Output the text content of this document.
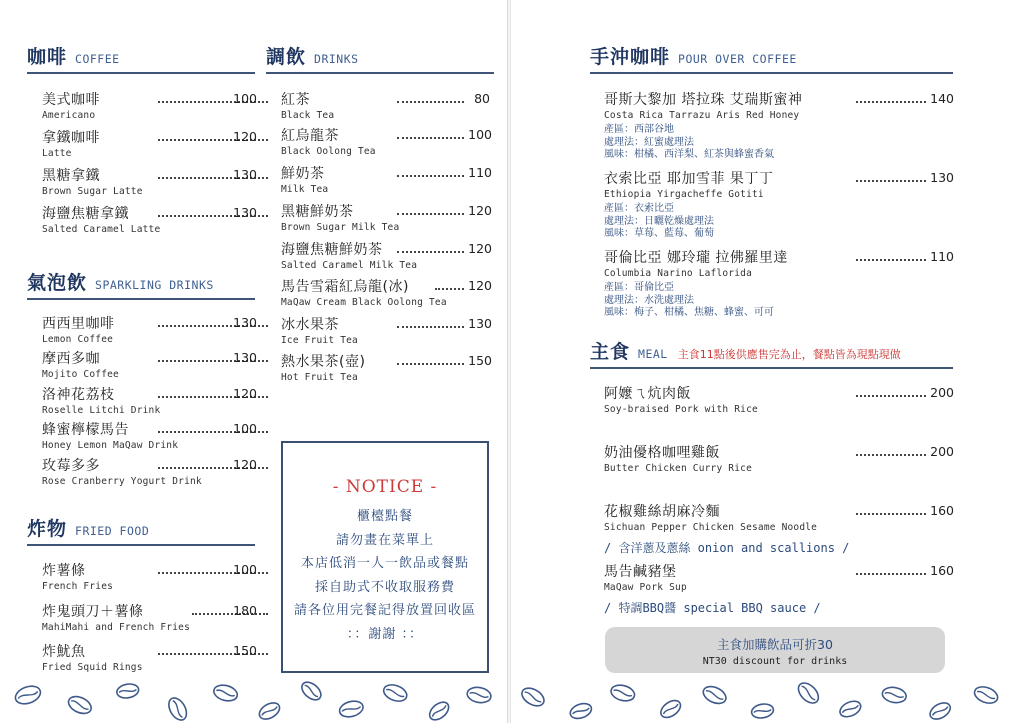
咖啡 COFFEE
美式咖啡
Americano
100
拿鐵咖啡
Latte
120
黑糖拿鐵
Brown Sugar Latte
130
海鹽焦糖拿鐵
Salted Caramel Latte
130
氣泡飲 SPARKLING DRINKS
西西里咖啡
Lemon Coffee
130
摩西多咖
Mojito Coffee
130
洛神花荔枝
Roselle Litchi Drink
120
蜂蜜檸檬馬告
Honey Lemon MaQaw Drink
100
玫莓多多
Rose Cranberry Yogurt Drink
120
炸物 FRIED FOOD
炸薯條
French Fries
100
炸鬼頭刀＋薯條
MahiMahi and French Fries
180
炸魷魚
Fried Squid Rings
150
調飲 DRINKS
紅茶
Black Tea
80
紅烏龍茶
Black Oolong Tea
100
鮮奶茶
Milk Tea
110
黑糖鮮奶茶
Brown Sugar Milk Tea
120
海鹽焦糖鮮奶茶
Salted Caramel Milk Tea
120
馬告雪霜紅烏龍(冰)
MaQaw Cream Black Oolong Tea
120
冰水果茶
Ice Fruit Tea
130
熱水果茶(壺)
Hot Fruit Tea
150
- NOTICE -
櫃檯點餐
請勿畫在菜單上
本店低消一人一飲品或餐點
採自助式不收取服務費
請各位用完餐記得放置回收區
：：謝謝 ：：
手沖咖啡 POUR OVER COFFEE
哥斯大黎加 塔拉珠 艾瑞斯蜜神
Costa Rica Tarrazu Aris Red Honey
140
產區：西部谷地
處理法：紅蜜處理法
風味：柑橘、西洋梨、紅茶與蜂蜜香氣
衣索比亞 耶加雪菲 果丁丁
Ethiopia Yirgacheffe Gotiti
130
產區：衣索比亞
處理法：日曬乾燥處理法
風味：草莓、藍莓、葡萄
哥倫比亞 娜玲瓏 拉佛羅里達
Columbia Narino Laflorida
110
產區：哥倫比亞
處理法：水洗處理法
風味：梅子、柑橘、焦糖、蜂蜜、可可
主食 MEAL 主食11點後供應售完為止，餐點皆為現點現做
阿嬤ㄟ炕肉飯
Soy-braised Pork with Rice
200
奶油優格咖哩雞飯
Butter Chicken Curry Rice
200
花椒雞絲胡麻冷麵
Sichuan Pepper Chicken Sesame Noodle
160
/ 含洋蔥及蔥絲 onion and scallions /
馬告鹹豬堡
MaQaw Pork Sup
160
/ 特調BBQ醬 special BBQ sauce /
主食加購飲品可折30
NT30 discount for drinks
